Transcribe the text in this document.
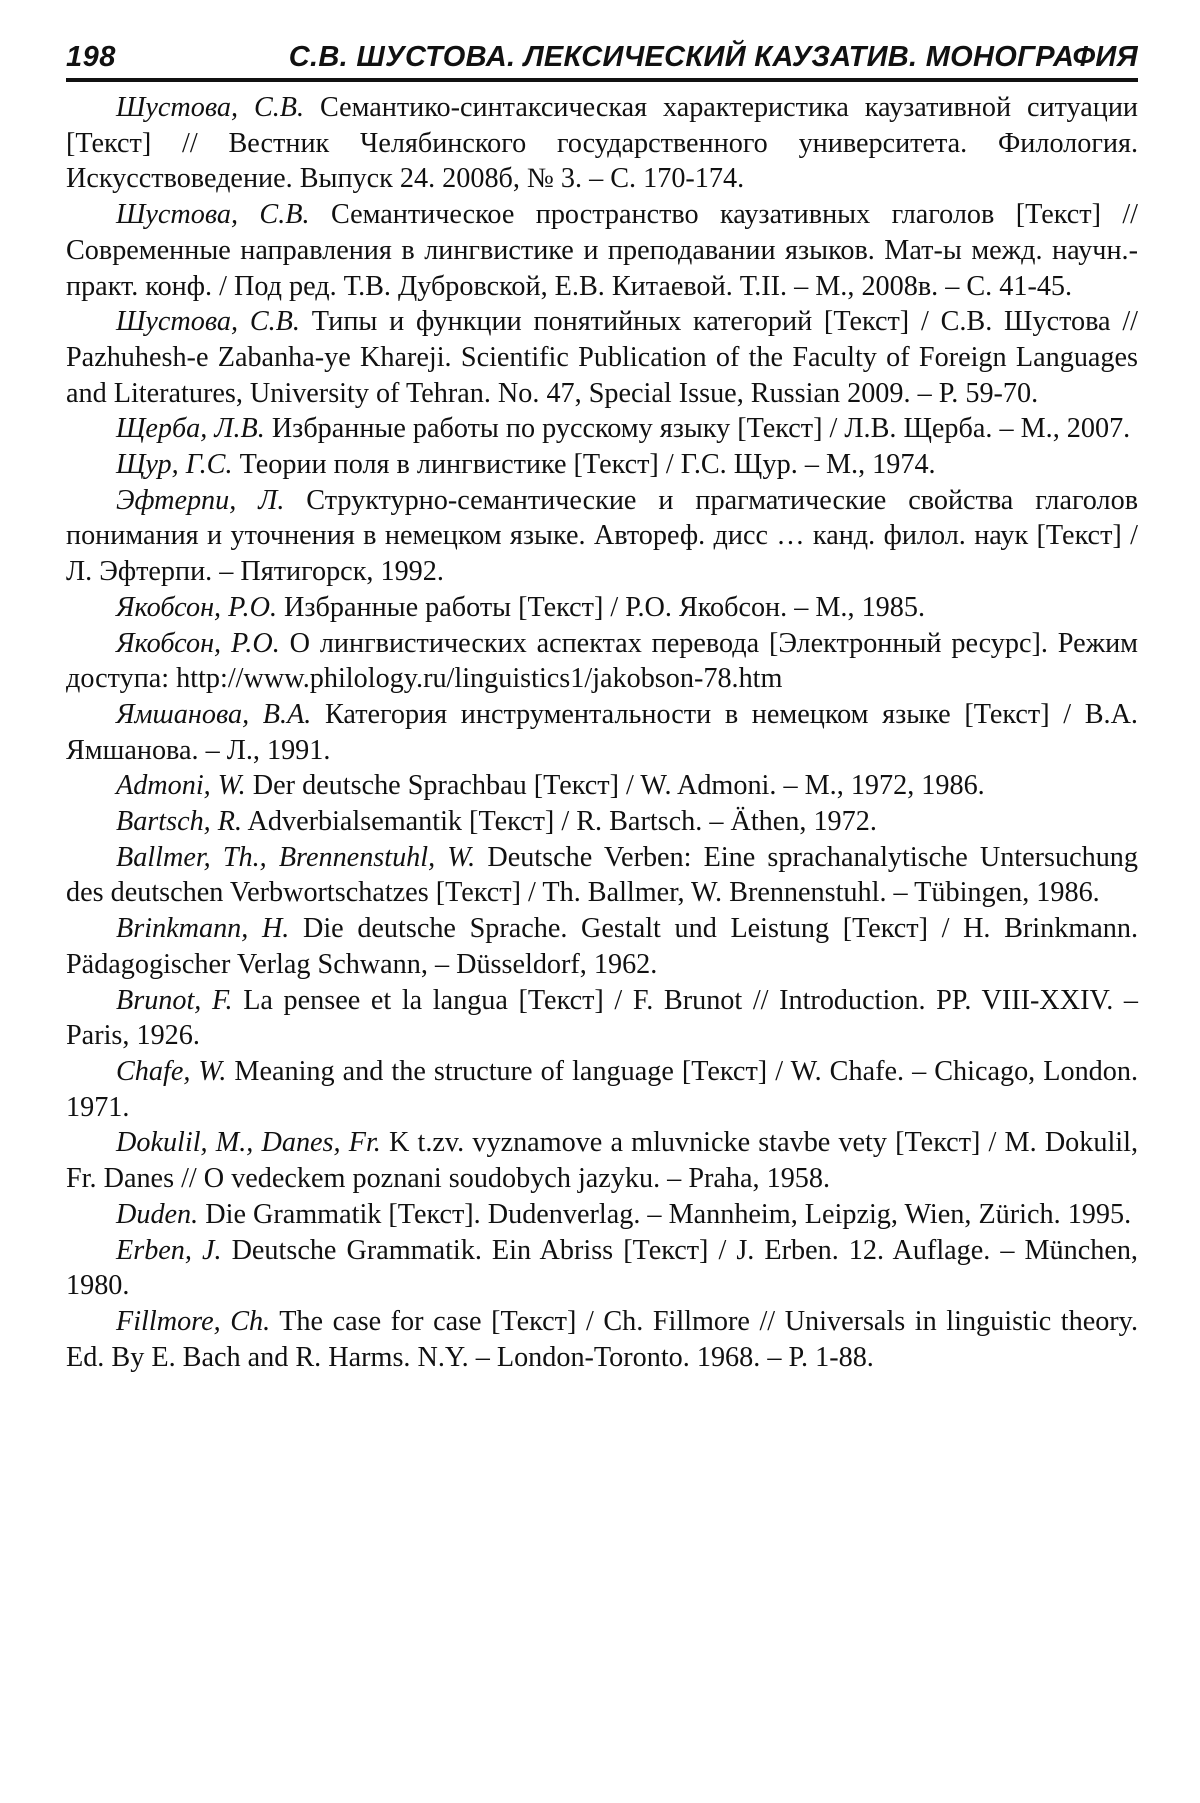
198	С.В. ШУСТОВА. ЛЕКСИЧЕСКИЙ КАУЗАТИВ. МОНОГРАФИЯ

Шустова, С.В. Семантико-синтаксическая характеристика каузативной ситуации [Текст] // Вестник Челябинского государственного университета. Филология. Искусствоведение. Выпуск 24. 2008б, № 3. – С. 170-174.

Шустова, С.В. Семантическое пространство каузативных глаголов [Текст] // Современные направления в лингвистике и преподавании языков. Мат-ы межд. научн.-практ. конф. / Под ред. Т.В. Дубровской, Е.В. Китаевой. Т.II. – М., 2008в. – С. 41-45.

Шустова, С.В. Типы и функции понятийных категорий [Текст] / С.В. Шустова // Pazhuhesh-e Zabanha-ye Khareji. Scientific Publication of the Faculty of Foreign Languages and Literatures, University of Tehran. No. 47, Special Issue, Russian 2009. – P. 59-70.

Щерба, Л.В. Избранные работы по русскому языку [Текст] / Л.В. Щерба. – М., 2007.

Щур, Г.С. Теории поля в лингвистике [Текст] / Г.С. Щур. – М., 1974.

Эфтерпи, Л. Структурно-семантические и прагматические свойства глаголов понимания и уточнения в немецком языке. Автореф. дисс … канд. филол. наук [Текст] / Л. Эфтерпи. – Пятигорск, 1992.

Якобсон, Р.О. Избранные работы [Текст] / Р.О. Якобсон. – М., 1985.

Якобсон, Р.О. О лингвистических аспектах перевода [Электронный ресурс]. Режим доступа: http://www.philology.ru/linguistics1/jakobson-78.htm

Ямшанова, В.А. Категория инструментальности в немецком языке [Текст] / В.А. Ямшанова. – Л., 1991.

Admoni, W. Der deutsche Sprachbau [Текст] / W. Admoni. – M., 1972, 1986.

Bartsch, R. Adverbialsemantik [Текст] / R. Bartsch. – Äthen, 1972.

Ballmer, Th., Brennenstuhl, W. Deutsche Verben: Eine sprachanalytische Untersuchung des deutschen Verbwortschatzes [Текст] / Th. Ballmer, W. Brennenstuhl. – Tübingen, 1986.

Brinkmann, H. Die deutsche Sprache. Gestalt und Leistung [Текст] / H. Brinkmann. Pädagogischer Verlag Schwann, – Düsseldorf, 1962.

Brunot, F. La pensee et la langua [Текст] / F. Brunot // Introduction. PP. VIII-XXIV. – Paris, 1926.

Chafe, W. Meaning and the structure of language [Текст] / W. Chafe. – Chicago, London. 1971.

Dokulil, M., Danes, Fr. K t.zv. vyznamove a mluvnicke stavbe vety [Текст] / M. Dokulil, Fr. Danes // O vedeckem poznani soudobych jazyku. – Praha, 1958.

Duden. Die Grammatik [Текст]. Dudenverlag. – Mannheim, Leipzig, Wien, Zürich. 1995.

Erben, J. Deutsche Grammatik. Ein Abriss [Текст] / J. Erben. 12. Auflage. – München, 1980.

Fillmore, Ch. The case for case [Текст] / Ch. Fillmore // Universals in linguistic theory. Ed. By E. Bach and R. Harms. N.Y. – London-Toronto. 1968. – P. 1-88.
